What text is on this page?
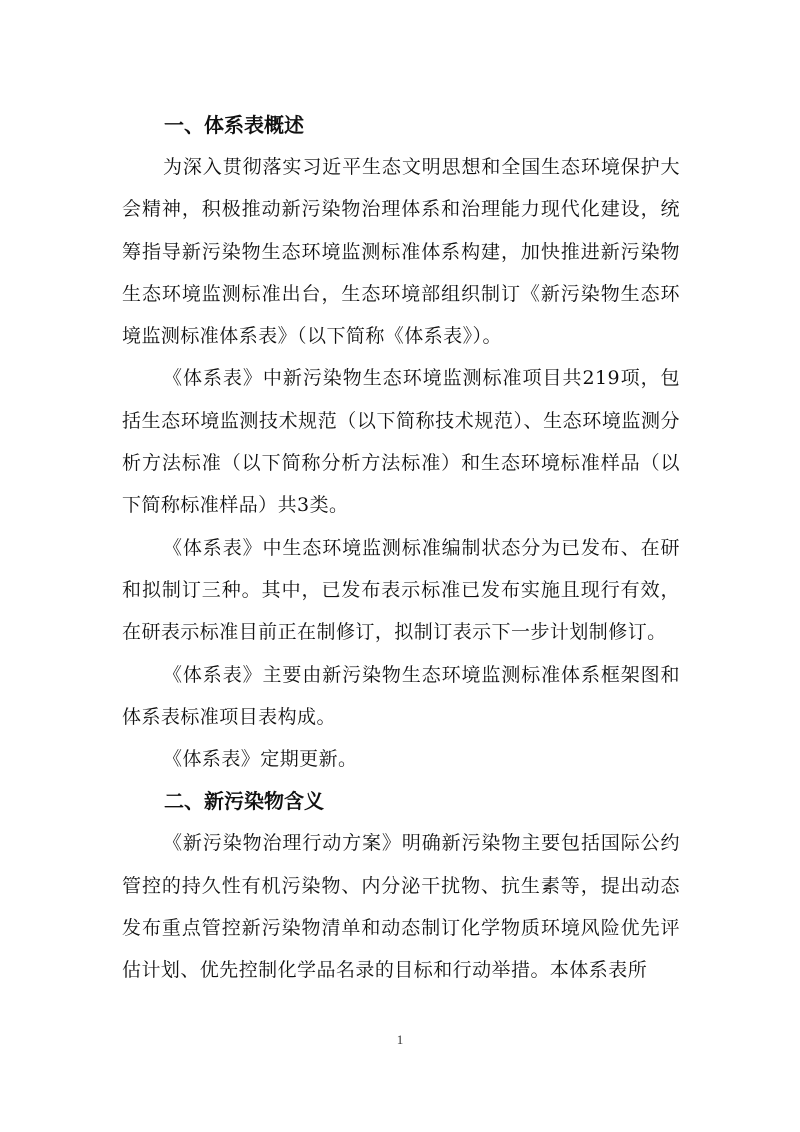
一、体系表概述

为深入贯彻落实习近平生态文明思想和全国生态环境保护大会精神，积极推动新污染物治理体系和治理能力现代化建设，统筹指导新污染物生态环境监测标准体系构建，加快推进新污染物生态环境监测标准出台，生态环境部组织制订《新污染物生态环境监测标准体系表》（以下简称《体系表》）。

《体系表》中新污染物生态环境监测标准项目共219项，包括生态环境监测技术规范（以下简称技术规范）、生态环境监测分析方法标准（以下简称分析方法标准）和生态环境标准样品（以下简称标准样品）共3类。

《体系表》中生态环境监测标准编制状态分为已发布、在研和拟制订三种。其中，已发布表示标准已发布实施且现行有效，在研表示标准目前正在制修订，拟制订表示下一步计划制修订。

《体系表》主要由新污染物生态环境监测标准体系框架图和体系表标准项目表构成。

《体系表》定期更新。

二、新污染物含义

《新污染物治理行动方案》明确新污染物主要包括国际公约管控的持久性有机污染物、内分泌干扰物、抗生素等，提出动态发布重点管控新污染物清单和动态制订化学物质环境风险优先评估计划、优先控制化学品名录的目标和行动举措。本体系表所

1
